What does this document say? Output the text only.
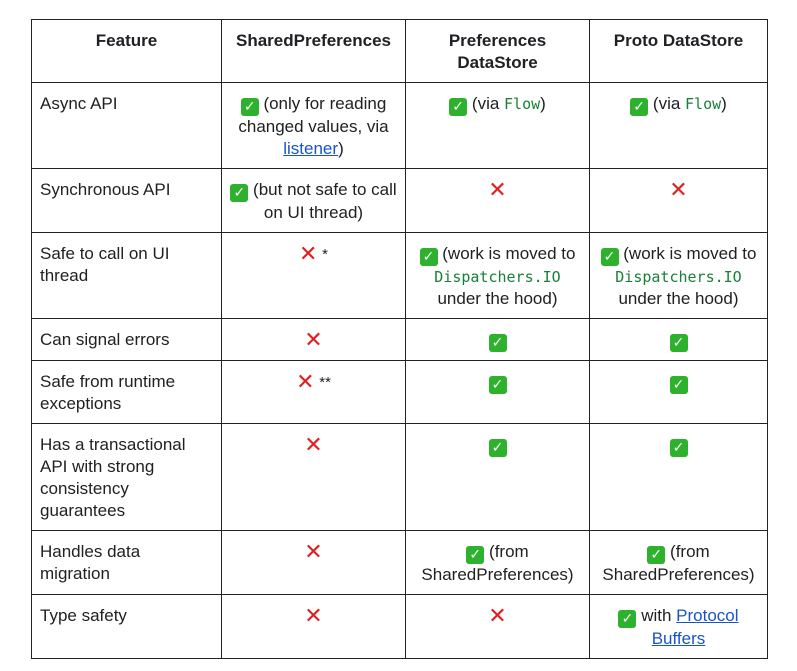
Feature	SharedPreferences	Preferences DataStore	Proto DataStore
Async API	✓ (only for reading changed values, via listener)	✓ (via Flow)	✓ (via Flow)
Synchronous API	✓ (but not safe to call on UI thread)	✕	✕
Safe to call on UI thread	✕ *	✓ (work is moved to Dispatchers.IO under the hood)	✓ (work is moved to Dispatchers.IO under the hood)
Can signal errors	✕	✓	✓
Safe from runtime exceptions	✕ **	✓	✓
Has a transactional API with strong consistency guarantees	✕	✓	✓
Handles data migration	✕	✓ (from SharedPreferences)	✓ (from SharedPreferences)
Type safety	✕	✕	✓ with Protocol Buffers
